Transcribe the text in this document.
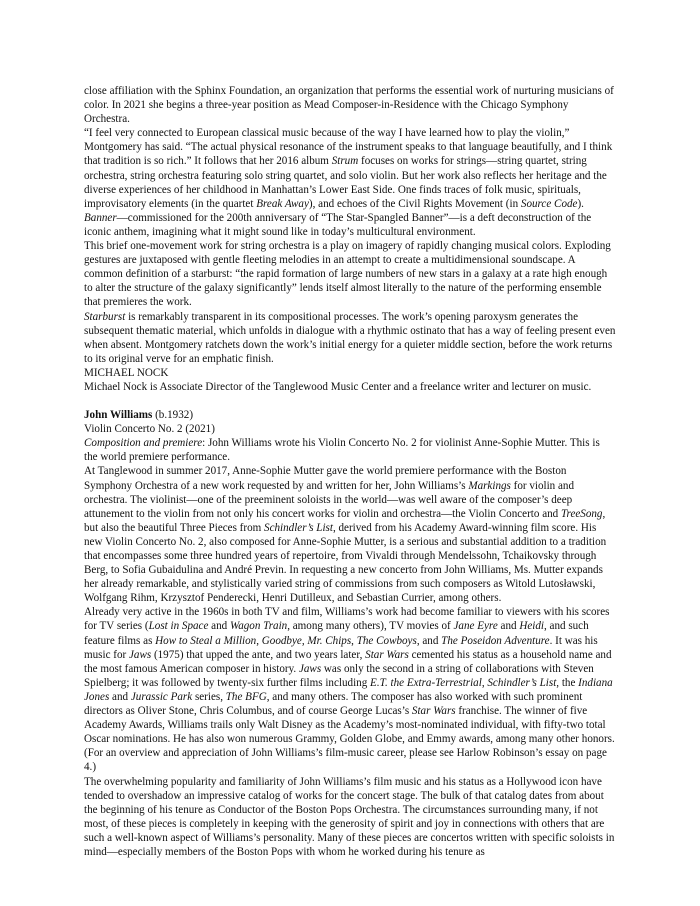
close affiliation with the Sphinx Foundation, an organization that performs the essential work of nurturing musicians of color. In 2021 she begins a three-year position as Mead Composer-in-Residence with the Chicago Symphony Orchestra.

“I feel very connected to European classical music because of the way I have learned how to play the violin,” Montgomery has said. “The actual physical resonance of the instrument speaks to that language beautifully, and I think that tradition is so rich.” It follows that her 2016 album Strum focuses on works for strings—string quartet, string orchestra, string orchestra featuring solo string quartet, and solo violin. But her work also reflects her heritage and the diverse experiences of her childhood in Manhattan’s Lower East Side. One finds traces of folk music, spirituals, improvisatory elements (in the quartet Break Away), and echoes of the Civil Rights Movement (in Source Code). Banner—commissioned for the 200th anniversary of “The Star-Spangled Banner”—is a deft deconstruction of the iconic anthem, imagining what it might sound like in today’s multicultural environment.

This brief one-movement work for string orchestra is a play on imagery of rapidly changing musical colors. Exploding gestures are juxtaposed with gentle fleeting melodies in an attempt to create a multidimensional soundscape. A common definition of a starburst: “the rapid formation of large numbers of new stars in a galaxy at a rate high enough to alter the structure of the galaxy significantly” lends itself almost literally to the nature of the performing ensemble that premieres the work.

Starburst is remarkably transparent in its compositional processes. The work’s opening paroxysm generates the subsequent thematic material, which unfolds in dialogue with a rhythmic ostinato that has a way of feeling present even when absent. Montgomery ratchets down the work’s initial energy for a quieter middle section, before the work returns to its original verve for an emphatic finish.

MICHAEL NOCK

Michael Nock is Associate Director of the Tanglewood Music Center and a freelance writer and lecturer on music.

John Williams (b.1932)

Violin Concerto No. 2 (2021)

Composition and premiere: John Williams wrote his Violin Concerto No. 2 for violinist Anne-Sophie Mutter. This is the world premiere performance.

At Tanglewood in summer 2017, Anne-Sophie Mutter gave the world premiere performance with the Boston Symphony Orchestra of a new work requested by and written for her, John Williams’s Markings for violin and orchestra. The violinist—one of the preeminent soloists in the world—was well aware of the composer’s deep attunement to the violin from not only his concert works for violin and orchestra—the Violin Concerto and TreeSong, but also the beautiful Three Pieces from Schindler’s List, derived from his Academy Award-winning film score. His new Violin Concerto No. 2, also composed for Anne-Sophie Mutter, is a serious and substantial addition to a tradition that encompasses some three hundred years of repertoire, from Vivaldi through Mendelssohn, Tchaikovsky through Berg, to Sofia Gubaidulina and André Previn. In requesting a new concerto from John Williams, Ms. Mutter expands her already remarkable, and stylistically varied string of commissions from such composers as Witold Lutosławski, Wolfgang Rihm, Krzysztof Penderecki, Henri Dutilleux, and Sebastian Currier, among others.

Already very active in the 1960s in both TV and film, Williams’s work had become familiar to viewers with his scores for TV series (Lost in Space and Wagon Train, among many others), TV movies of Jane Eyre and Heidi, and such feature films as How to Steal a Million, Goodbye, Mr. Chips, The Cowboys, and The Poseidon Adventure. It was his music for Jaws (1975) that upped the ante, and two years later, Star Wars cemented his status as a household name and the most famous American composer in history. Jaws was only the second in a string of collaborations with Steven Spielberg; it was followed by twenty-six further films including E.T. the Extra-Terrestrial, Schindler’s List, the Indiana Jones and Jurassic Park series, The BFG, and many others. The composer has also worked with such prominent directors as Oliver Stone, Chris Columbus, and of course George Lucas’s Star Wars franchise. The winner of five Academy Awards, Williams trails only Walt Disney as the Academy’s most-nominated individual, with fifty-two total Oscar nominations. He has also won numerous Grammy, Golden Globe, and Emmy awards, among many other honors. (For an overview and appreciation of John Williams’s film-music career, please see Harlow Robinson’s essay on page 4.)

The overwhelming popularity and familiarity of John Williams’s film music and his status as a Hollywood icon have tended to overshadow an impressive catalog of works for the concert stage. The bulk of that catalog dates from about the beginning of his tenure as Conductor of the Boston Pops Orchestra. The circumstances surrounding many, if not most, of these pieces is completely in keeping with the generosity of spirit and joy in connections with others that are such a well-known aspect of Williams’s personality. Many of these pieces are concertos written with specific soloists in mind—especially members of the Boston Pops with whom he worked during his tenure as
